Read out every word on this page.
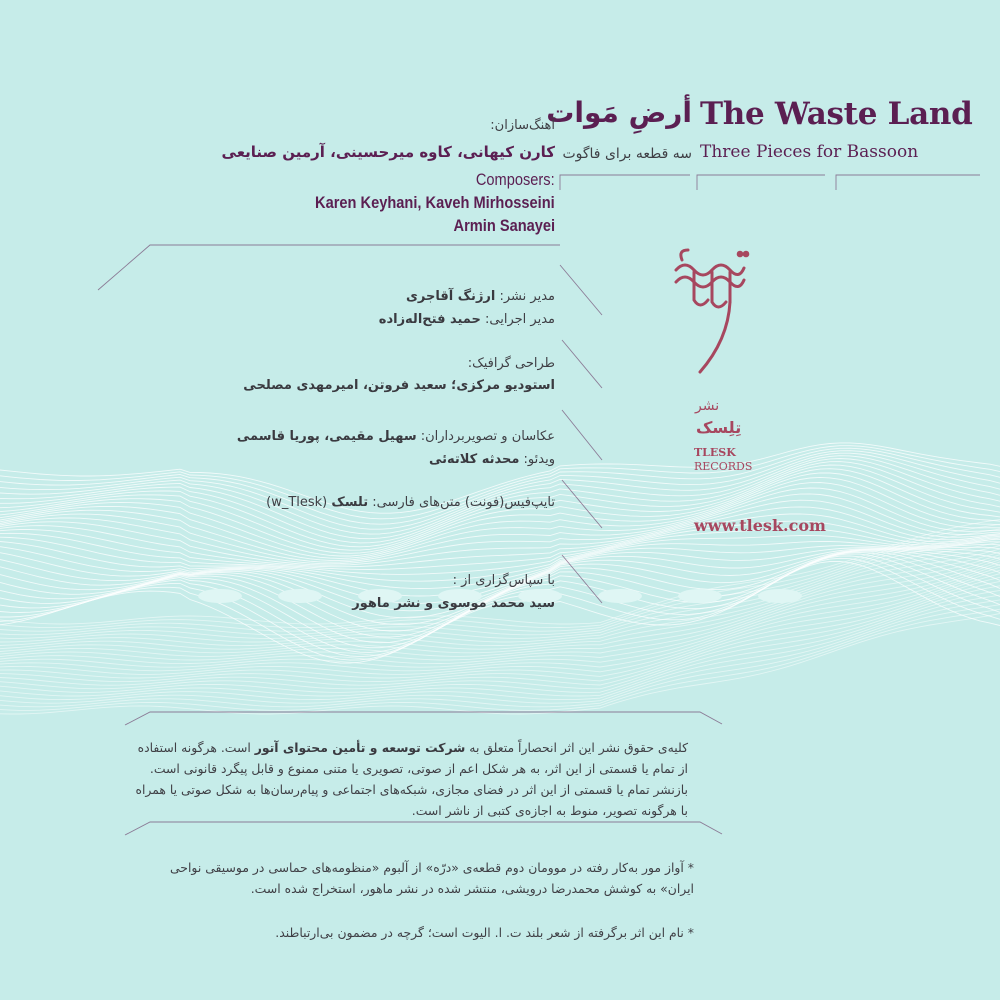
The Waste Land
Three Pieces for Bassoon
أرضِ مَوات
سه قطعه برای فاگوت
آهنگ‌سازان:
کارن کیهانی، کاوه میرحسینی، آرمین صنایعی
Composers:
Karen Keyhani, Kaveh Mirhosseini
Armin Sanayei
مدیر نشر: ارژنگ آقاجری
مدیر اجرایی: حمید فتح‌اله‌زاده
طراحی گرافیک:
استودیو مرکزی؛ سعید فروتن، امیرمهدی مصلحی
عکاسان و تصویربرداران: سهیل مقیمی، پوریا قاسمی
ویدئو: محدثه کلاته‌ئی
تایپ‌فیس(فونت) متن‌های فارسی: تلسک (w_Tlesk)
با سپاس‌گزاری از :
سید محمد موسوی و نشر ماهور
نشر
تِلِسک
TLESK
RECORDS
www.tlesk.com
کلیه‌ی حقوق نشر این اثر انحصاراً متعلق به شرکت توسعه و تأمین محتوای آتور است. هرگونه استفاده از تمام یا قسمتی از این اثر، به هر شکل اعم از صوتی، تصویری یا متنی ممنوع و قابل پیگرد قانونی است. بازنشر تمام یا قسمتی از این اثر در فضای مجازی، شبکه‌های اجتماعی و پیام‌رسان‌ها به شکل صوتی یا همراه با هرگونه تصویر، منوط به اجازه‌ی کتبی از ناشر است.
* آواز مور به‌کار رفته در موومان دوم قطعه‌ی «درّه» از آلبوم «منظومه‌های حماسی در موسیقی نواحی ایران» به کوشش محمدرضا درویشی، منتشر شده در نشر ماهور، استخراج شده است.
* نام این اثر برگرفته از شعر بلند ت. ا. الیوت است؛ گرچه در مضمون بی‌ارتباطند.
